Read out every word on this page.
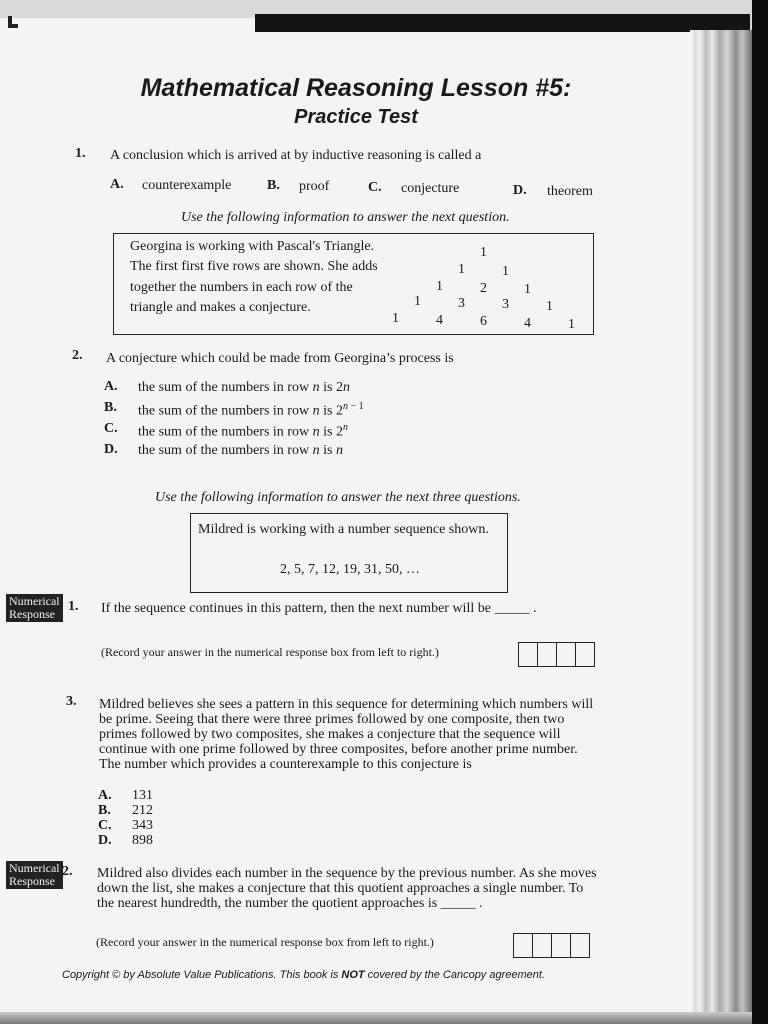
Mathematical Reasoning Lesson #5:
Practice Test
1. A conclusion which is arrived at by inductive reasoning is called a
A. counterexample	B. proof	C. conjecture	D. theorem
Use the following information to answer the next question.
Georgina is working with Pascal's Triangle.
The first first five rows are shown. She adds
together the numbers in each row of the
triangle and makes a conjecture.
1
1	1
1	2	1
1	3	3	1
1	4	6	4	1
2. A conjecture which could be made from Georgina’s process is
A. the sum of the numbers in row n is 2n
B. the sum of the numbers in row n is $2^{n - 1}$
C. the sum of the numbers in row n is 2$^n$
D. the sum of the numbers in row n is n
Use the following information to answer the next three questions.
Mildred is working with a number sequence shown.
2, 5, 7, 12, 19, 31, 50, …
Numerical
Response 1. If the sequence continues in this pattern, then the next number will be _____ .
(Record your answer in the numerical response box from left to right.)
3. Mildred believes she sees a pattern in this sequence for determining which numbers will
be prime. Seeing that there were three primes followed by one composite, then two
primes followed by two composites, she makes a conjecture that the sequence will
continue with one prime followed by three composites, before another prime number.
The number which provides a counterexample to this conjecture is
A. 131
B. 212
C. 343
D. 898
Numerical
Response
2. Mildred also divides each number in the sequence by the previous number. As she moves
down the list, she makes a conjecture that this quotient approaches a single number. To
the nearest hundredth, the number the quotient approaches is _____ .
(Record your answer in the numerical response box from left to right.)
Copyright © by Absolute Value Publications. This book is NOT covered by the Cancopy agreement.
